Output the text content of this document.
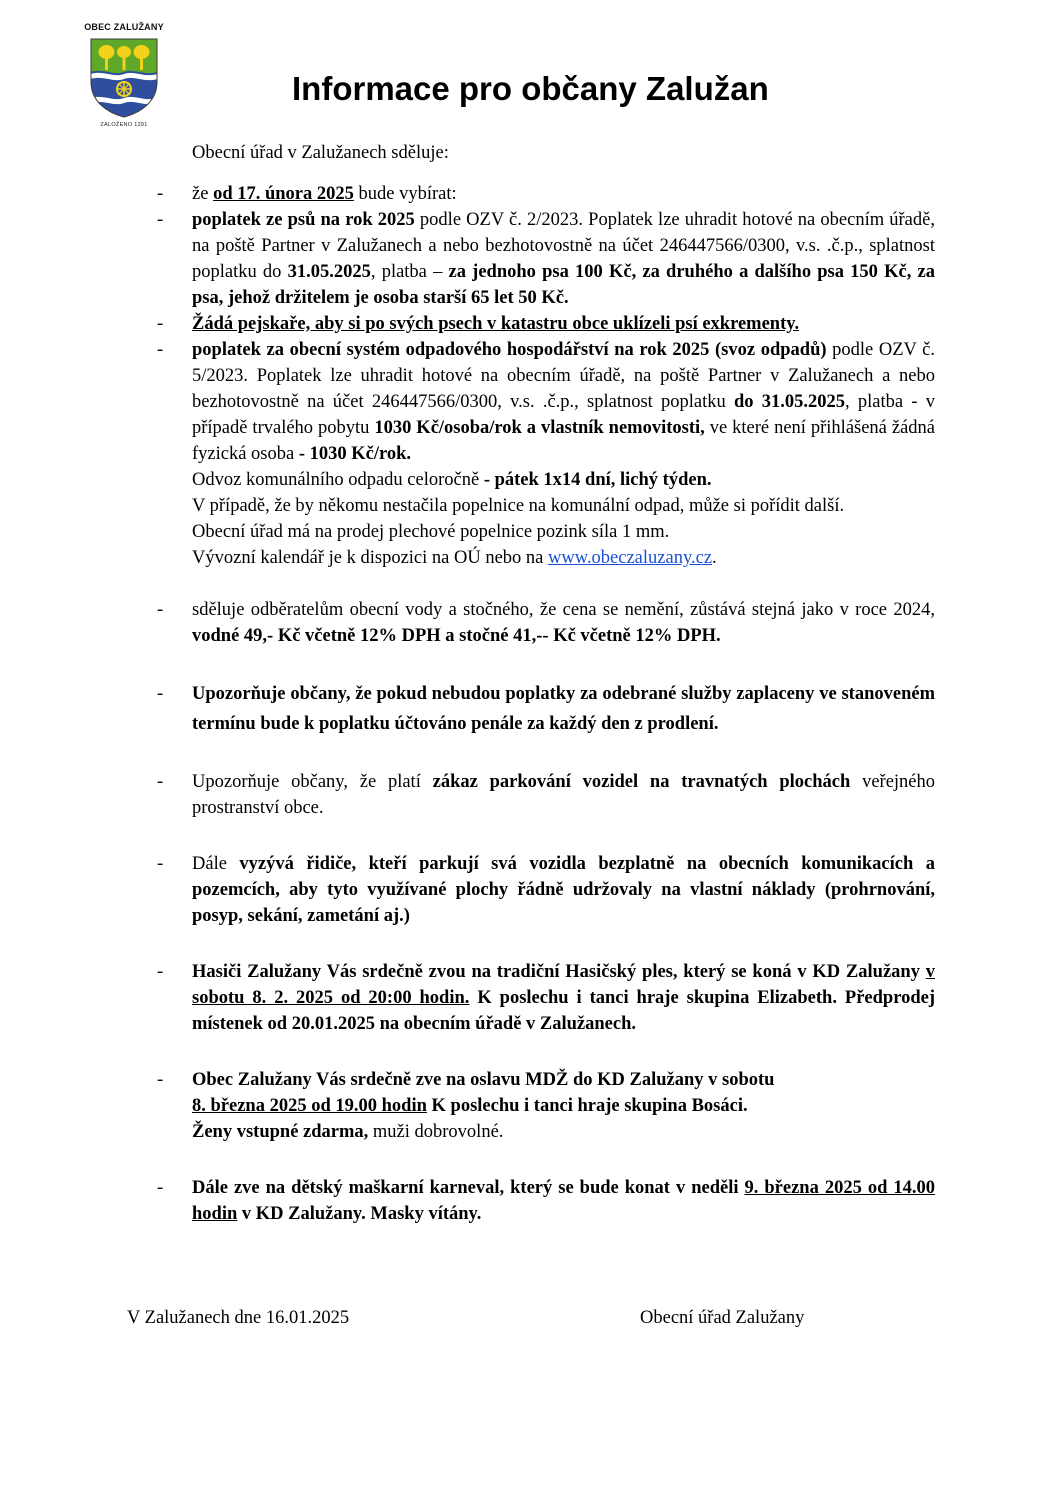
OBEC ZALUŽANY
ZALOŽENO 1291
Informace pro občany Zalužan
Obecní úřad v Zalužanech sděluje:
- že od 17. února 2025 bude vybírat:
- poplatek ze psů na rok 2025 podle OZV č. 2/2023. Poplatek lze uhradit hotové na obecním úřadě, na poště Partner v Zalužanech a nebo bezhotovostně na účet 246447566/0300, v.s. .č.p., splatnost poplatku do 31.05.2025, platba – za jednoho psa 100 Kč, za druhého a dalšího psa 150 Kč, za psa, jehož držitelem je osoba starší 65 let 50 Kč.
- Žádá pejskaře, aby si po svých psech v katastru obce uklízeli psí exkrementy.
- poplatek za obecní systém odpadového hospodářství na rok 2025 (svoz odpadů) podle OZV č. 5/2023. Poplatek lze uhradit hotové na obecním úřadě, na poště Partner v Zalužanech a nebo bezhotovostně na účet 246447566/0300, v.s. .č.p., splatnost poplatku do 31.05.2025, platba - v případě trvalého pobytu 1030 Kč/osoba/rok a vlastník nemovitosti, ve které není přihlášená žádná fyzická osoba - 1030 Kč/rok.
Odvoz komunálního odpadu celoročně - pátek 1x14 dní, lichý týden.
V případě, že by někomu nestačila popelnice na komunální odpad, může si pořídit další.
Obecní úřad má na prodej plechové popelnice pozink síla 1 mm.
Vývozní kalendář je k dispozici na OÚ nebo na www.obeczaluzany.cz.
- sděluje odběratelům obecní vody a stočného, že cena se nemění, zůstává stejná jako v roce 2024, vodné 49,- Kč včetně 12% DPH a stočné 41,-- Kč včetně 12% DPH.
- Upozorňuje občany, že pokud nebudou poplatky za odebrané služby zaplaceny ve stanoveném termínu bude k poplatku účtováno penále za každý den z prodlení.
- Upozorňuje občany, že platí zákaz parkování vozidel na travnatých plochách veřejného prostranství obce.
- Dále vyzývá řidiče, kteří parkují svá vozidla bezplatně na obecních komunikacích a pozemcích, aby tyto využívané plochy řádně udržovaly na vlastní náklady (prohrnování, posyp, sekání, zametání aj.)
- Hasiči Zalužany Vás srdečně zvou na tradiční Hasičský ples, který se koná v KD Zalužany v sobotu 8. 2. 2025 od 20:00 hodin. K poslechu i tanci hraje skupina Elizabeth. Předprodej místenek od 20.01.2025 na obecním úřadě v Zalužanech.
- Obec Zalužany Vás srdečně zve na oslavu MDŽ do KD Zalužany v sobotu
8. března 2025 od 19.00 hodin K poslechu i tanci hraje skupina Bosáci.
Ženy vstupné zdarma, muži dobrovolné.
- Dále zve na dětský maškarní karneval, který se bude konat v neděli 9. března 2025 od 14.00 hodin v KD Zalužany. Masky vítány.
V Zalužanech dne 16.01.2025	Obecní úřad Zalužany
